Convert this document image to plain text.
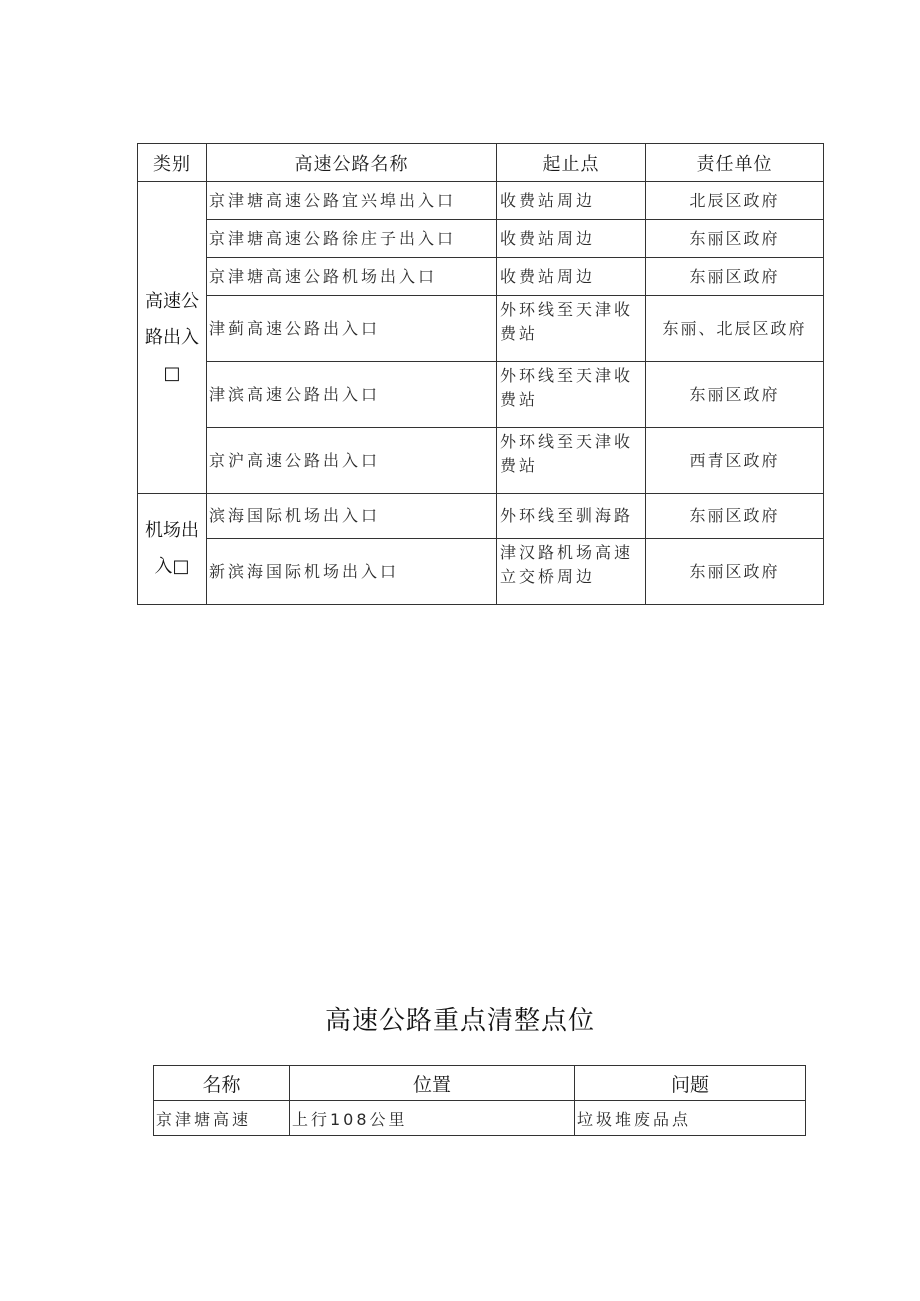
类别	高速公路名称	起止点	责任单位
高速公路出入□	京津塘高速公路宜兴埠出入口	收费站周边	北辰区政府
	京津塘高速公路徐庄子出入口	收费站周边	东丽区政府
	京津塘高速公路机场出入口	收费站周边	东丽区政府
	津蓟高速公路出入口	外环线至天津收费站	东丽、北辰区政府
	津滨高速公路出入口	外环线至天津收费站	东丽区政府
	京沪高速公路出入口	外环线至天津收费站	西青区政府
机场出入□	滨海国际机场出入口	外环线至驯海路	东丽区政府
	新滨海国际机场出入口	津汉路机场高速立交桥周边	东丽区政府
高速公路重点清整点位
名称	位置	问题
京津塘高速	上行108公里	垃圾堆废品点
